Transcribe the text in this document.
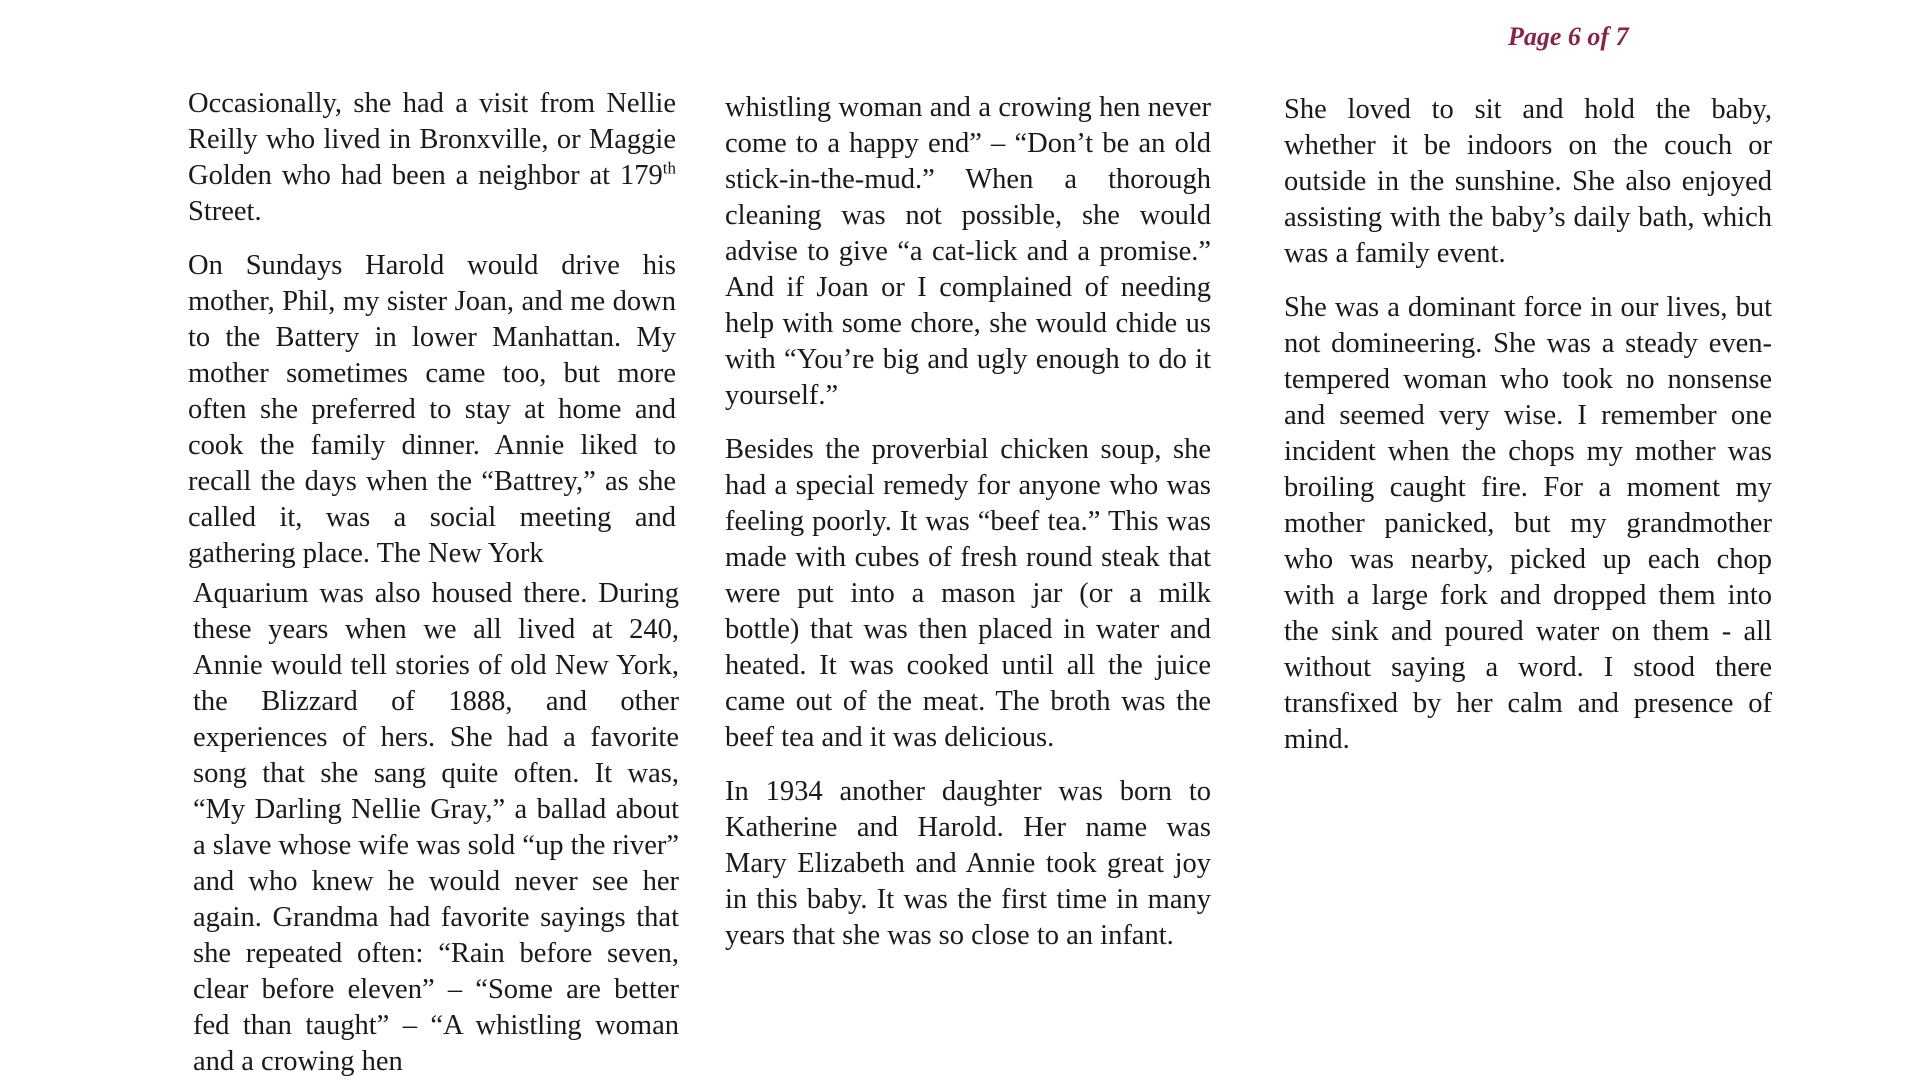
Page 6 of 7

Occasionally, she had a visit from Nellie Reilly who lived in Bronxville, or Maggie Golden who had been a neighbor at 179th Street.

On Sundays Harold would drive his mother, Phil, my sister Joan, and me down to the Battery in lower Manhattan. My mother sometimes came too, but more often she preferred to stay at home and cook the family dinner. Annie liked to recall the days when the “Battrey,” as she called it, was a social meeting and gathering place. The New York

Aquarium was also housed there. During these years when we all lived at 240, Annie would tell stories of old New York, the Blizzard of 1888, and other experiences of hers. She had a favorite song that she sang quite often. It was, “My Darling Nellie Gray,” a ballad about a slave whose wife was sold “up the river” and who knew he would never see her again. Grandma had favorite sayings that she repeated often: “Rain before seven, clear before eleven” – “Some are better fed than taught” – “A whistling woman and a crowing hen

whistling woman and a crowing hen never come to a happy end” – “Don’t be an old stick-in-the-mud.” When a thorough cleaning was not possible, she would advise to give “a cat-lick and a promise.” And if Joan or I complained of needing help with some chore, she would chide us with “You’re big and ugly enough to do it yourself.”

Besides the proverbial chicken soup, she had a special remedy for anyone who was feeling poorly. It was “beef tea.” This was made with cubes of fresh round steak that were put into a mason jar (or a milk bottle) that was then placed in water and heated. It was cooked until all the juice came out of the meat. The broth was the beef tea and it was delicious.

In 1934 another daughter was born to Katherine and Harold. Her name was Mary Elizabeth and Annie took great joy in this baby. It was the first time in many years that she was so close to an infant.

She loved to sit and hold the baby, whether it be indoors on the couch or outside in the sunshine. She also enjoyed assisting with the baby’s daily bath, which was a family event.

She was a dominant force in our lives, but not domineering. She was a steady even-tempered woman who took no nonsense and seemed very wise. I remember one incident when the chops my mother was broiling caught fire. For a moment my mother panicked, but my grandmother who was nearby, picked up each chop with a large fork and dropped them into the sink and poured water on them - all without saying a word. I stood there transfixed by her calm and presence of mind.
